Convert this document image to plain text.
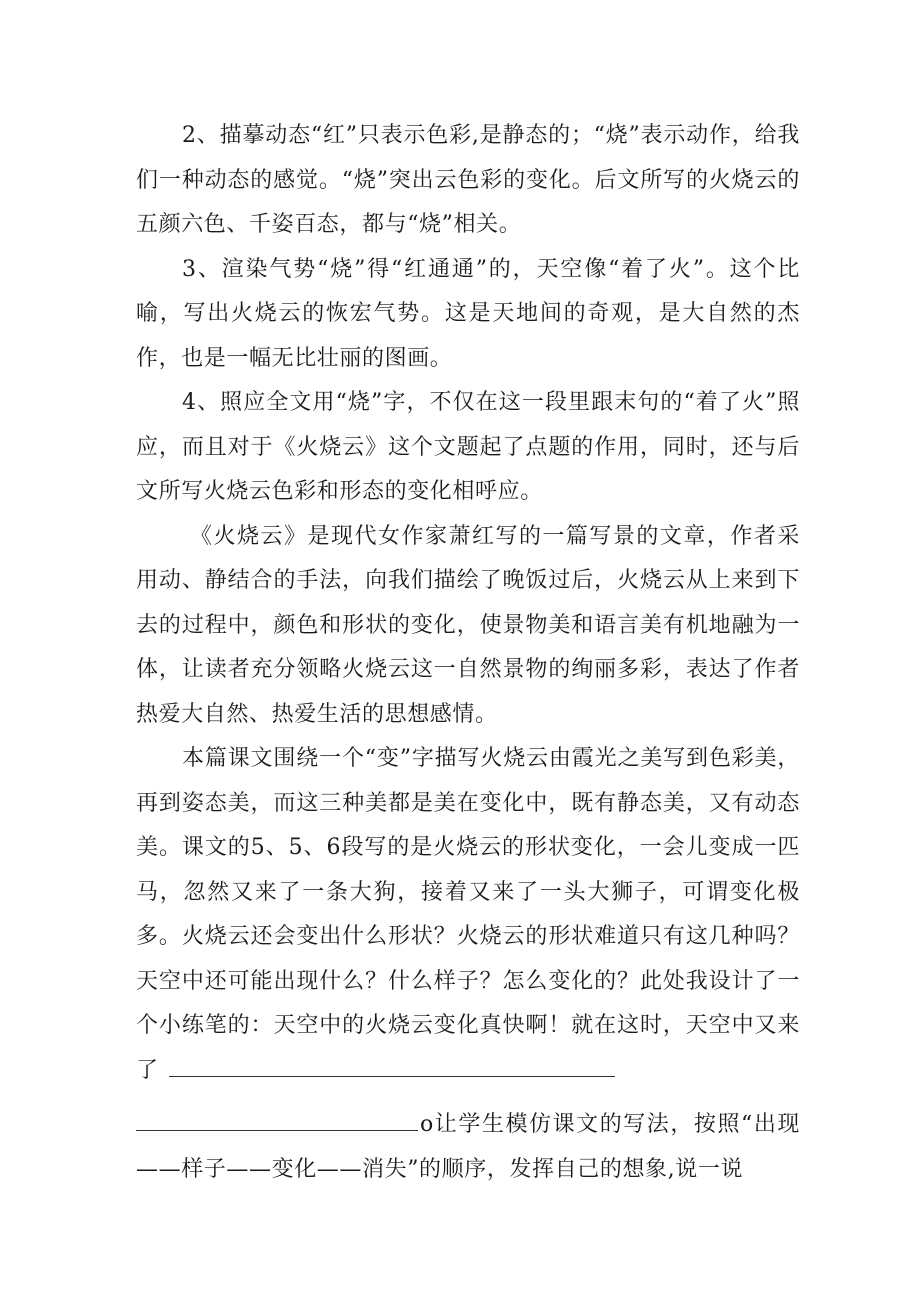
2、描摹动态“红”只表示色彩,是静态的；“烧”表示动作，给我们一种动态的感觉。“烧”突出云色彩的变化。后文所写的火烧云的五颜六色、千姿百态，都与“烧”相关。

3、渲染气势“烧”得“红通通”的，天空像“着了火”。这个比喻，写出火烧云的恢宏气势。这是天地间的奇观，是大自然的杰作，也是一幅无比壮丽的图画。

4、照应全文用“烧”字，不仅在这一段里跟末句的“着了火”照应，而且对于《火烧云》这个文题起了点题的作用，同时，还与后文所写火烧云色彩和形态的变化相呼应。

《火烧云》是现代女作家萧红写的一篇写景的文章，作者采用动、静结合的手法，向我们描绘了晚饭过后，火烧云从上来到下去的过程中，颜色和形状的变化，使景物美和语言美有机地融为一体，让读者充分领略火烧云这一自然景物的绚丽多彩，表达了作者热爱大自然、热爱生活的思想感情。

本篇课文围绕一个“变”字描写火烧云由霞光之美写到色彩美，再到姿态美，而这三种美都是美在变化中，既有静态美，又有动态美。课文的5、5、6段写的是火烧云的形状变化，一会儿变成一匹马，忽然又来了一条大狗，接着又来了一头大狮子，可谓变化极多。火烧云还会变出什么形状？火烧云的形状难道只有这几种吗？天空中还可能出现什么？什么样子？怎么变化的？此处我设计了一个小练笔的：天空中的火烧云变化真快啊！就在这时，天空中又来了

o让学生模仿课文的写法，按照“出现——样子——变化——消失”的顺序，发挥自己的想象,说一说
